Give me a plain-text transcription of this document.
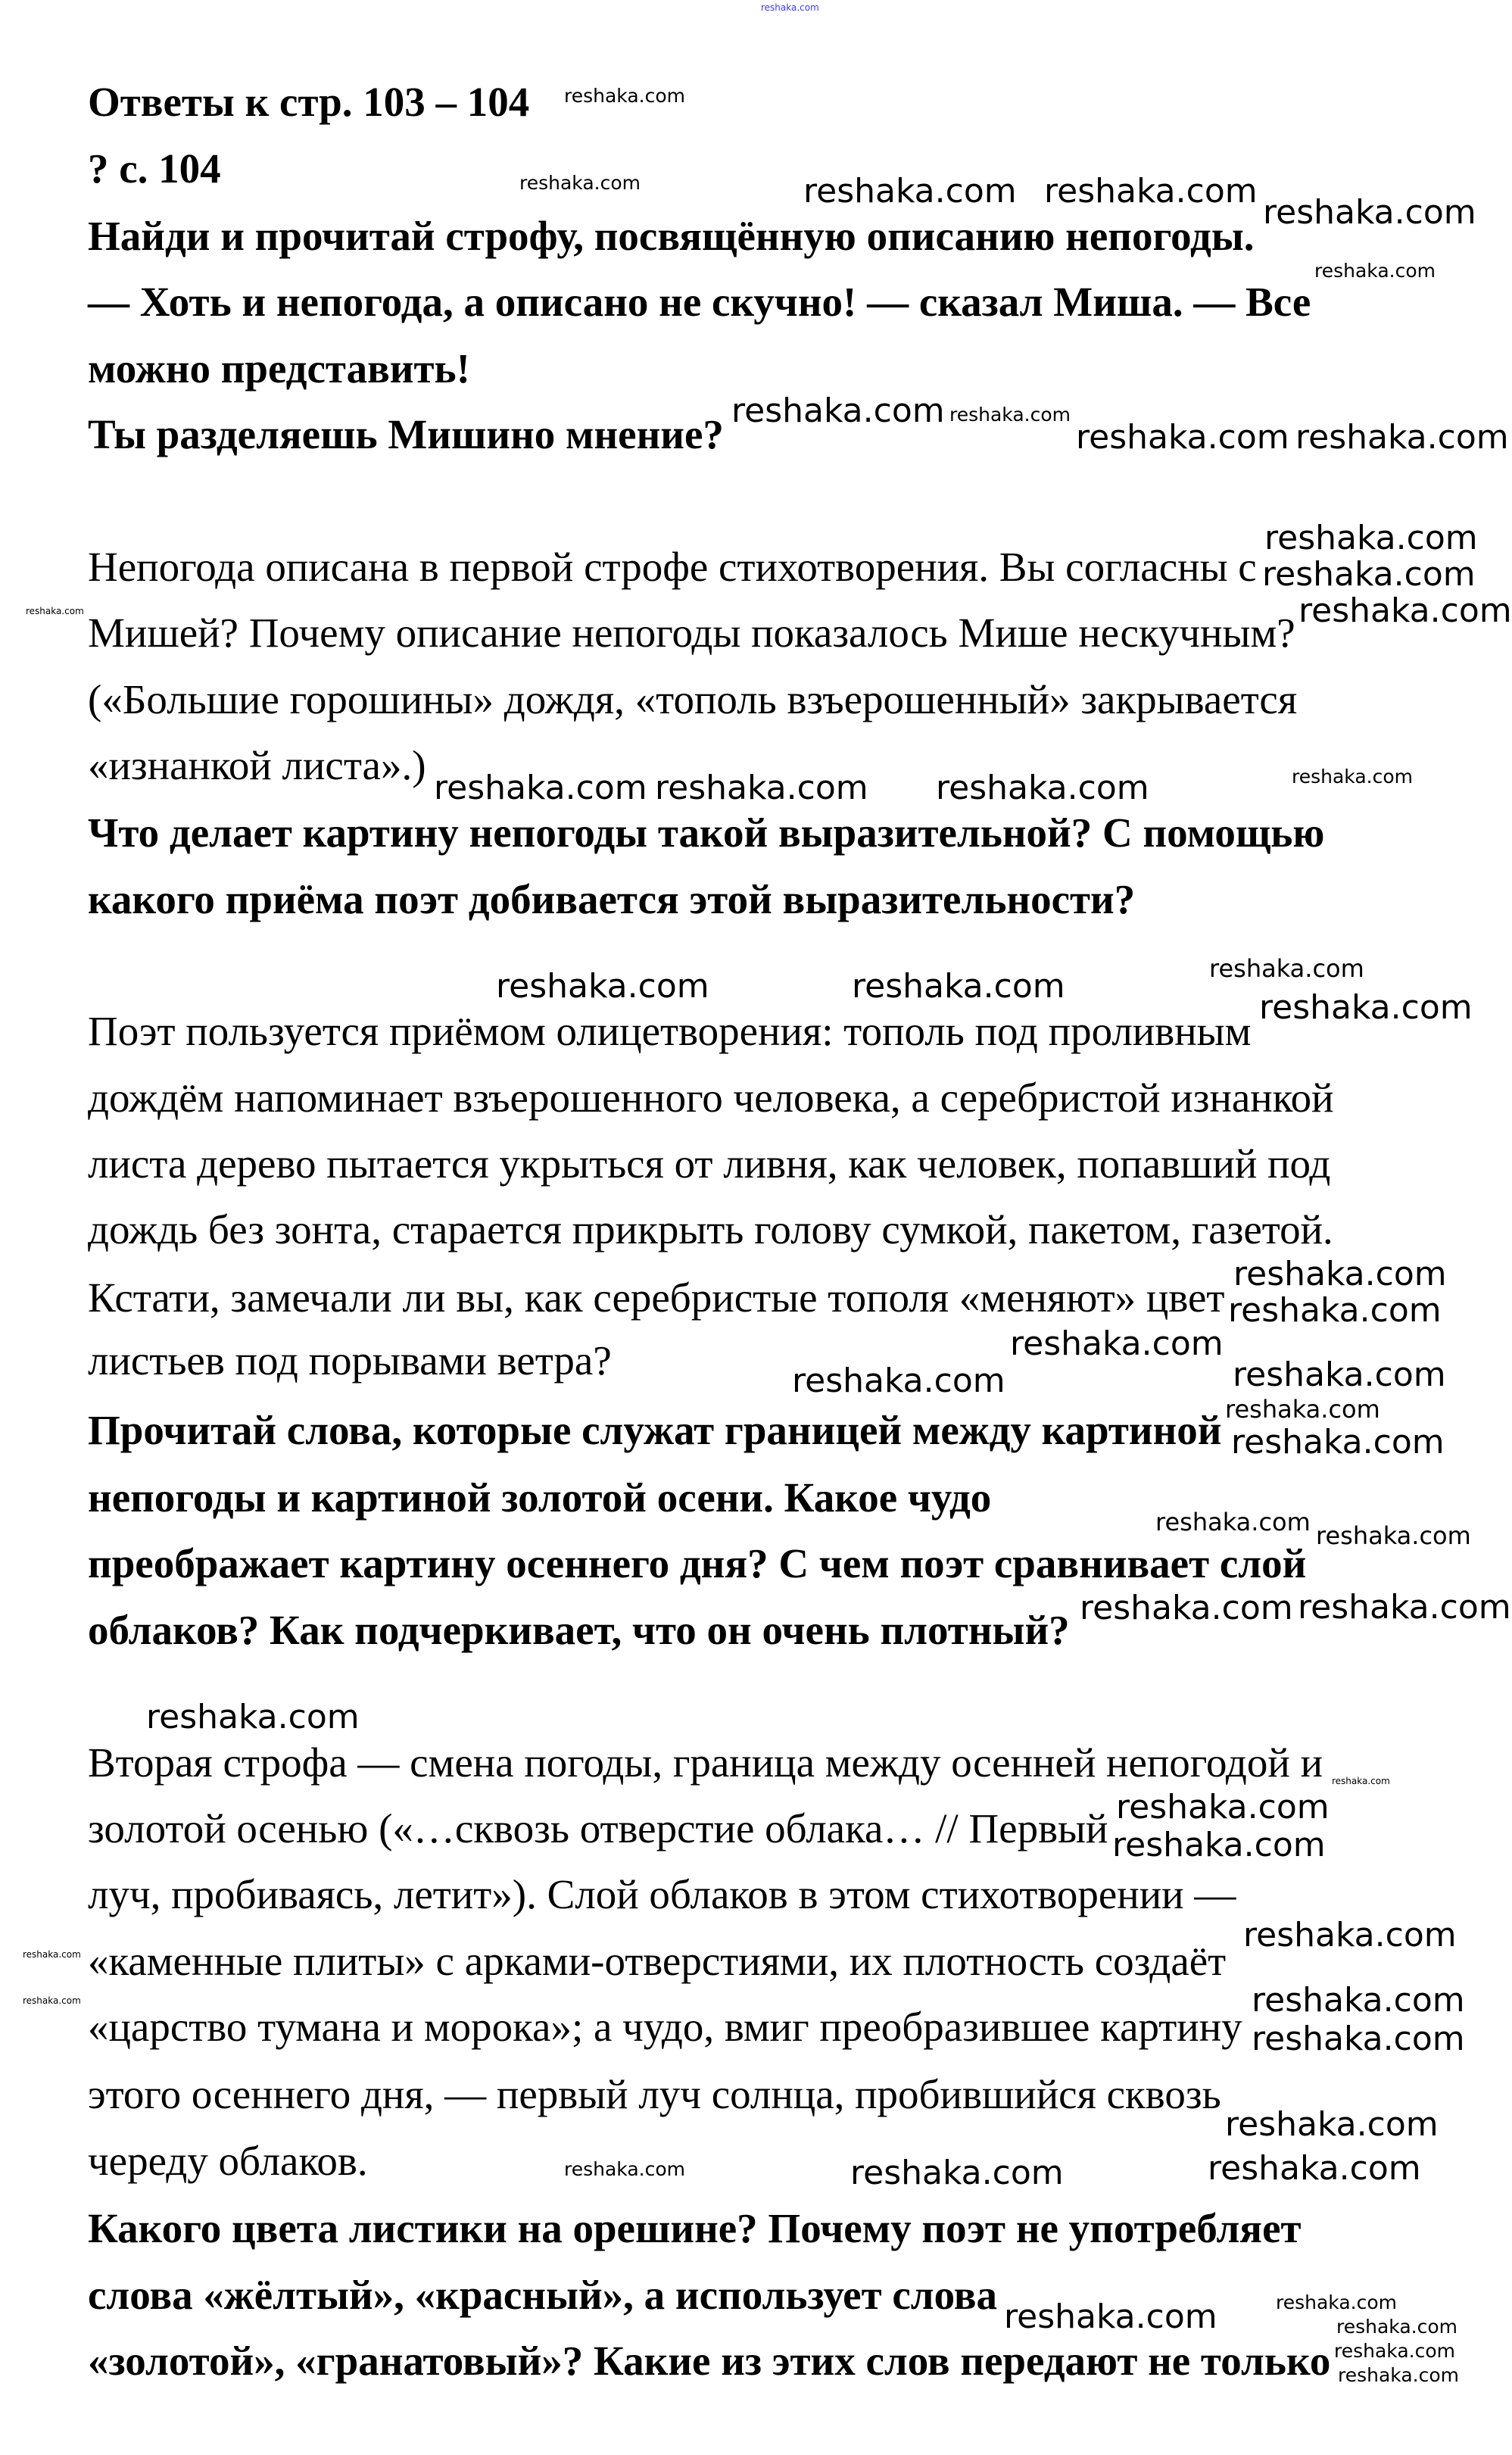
Ответы к стр. 103 – 104
? с. 104
Найди и прочитай строфу, посвящённую описанию непогоды.
— Хоть и непогода, а описано не скучно! — сказал Миша. — Все
можно представить!
Ты разделяешь Мишино мнение?
Непогода описана в первой строфе стихотворения. Вы согласны с
Мишей? Почему описание непогоды показалось Мише нескучным?
(«Большие горошины» дождя, «тополь взъерошенный» закрывается
«изнанкой листа».)
Что делает картину непогоды такой выразительной? С помощью
какого приёма поэт добивается этой выразительности?
Поэт пользуется приёмом олицетворения: тополь под проливным
дождём напоминает взъерошенного человека, а серебристой изнанкой
листа дерево пытается укрыться от ливня, как человек, попавший под
дождь без зонта, старается прикрыть голову сумкой, пакетом, газетой.
Кстати, замечали ли вы, как серебристые тополя «меняют» цвет
листьев под порывами ветра?
Прочитай слова, которые служат границей между картиной
непогоды и картиной золотой осени. Какое чудо
преображает картину осеннего дня? С чем поэт сравнивает слой
облаков? Как подчеркивает, что он очень плотный?
Вторая строфа — смена погоды, граница между осенней непогодой и
золотой осенью («…сквозь отверстие облака… // Первый
луч, пробиваясь, летит»). Слой облаков в этом стихотворении —
«каменные плиты» с арками-отверстиями, их плотность создаёт
«царство тумана и морока»; а чудо, вмиг преобразившее картину
этого осеннего дня, — первый луч солнца, пробившийся сквозь
череду облаков.
Какого цвета листики на орешине? Почему поэт не употребляет
слова «жёлтый», «красный», а использует слова
«золотой», «гранатовый»? Какие из этих слов передают не только
reshaka.com
reshaka.com
reshaka.com
reshaka.com
reshaka.com reshaka.com
reshaka.com
reshaka.com reshaka.com
reshaka.com reshaka.com
reshaka.com	reshaka.com
reshaka.com
reshaka.com
reshaka.com
reshaka.com reshaka.com reshaka.com
reshaka.com
reshaka.com
reshaka.com	reshaka.com
reshaka.com
reshaka.com
reshaka.com
reshaka.com	reshaka.com
reshaka.com
reshaka.com
reshaka.com
reshaka.com
reshaka.com reshaka.com
reshaka.com
reshaka.com
reshaka.com
reshaka.com
reshaka.com
reshaka.com
reshaka.com
reshaka.com
reshaka.com
reshaka.com
reshaka.com	reshaka.com	reshaka.com
reshaka.com	reshaka.com
reshaka.com
reshaka.com
reshaka.com
